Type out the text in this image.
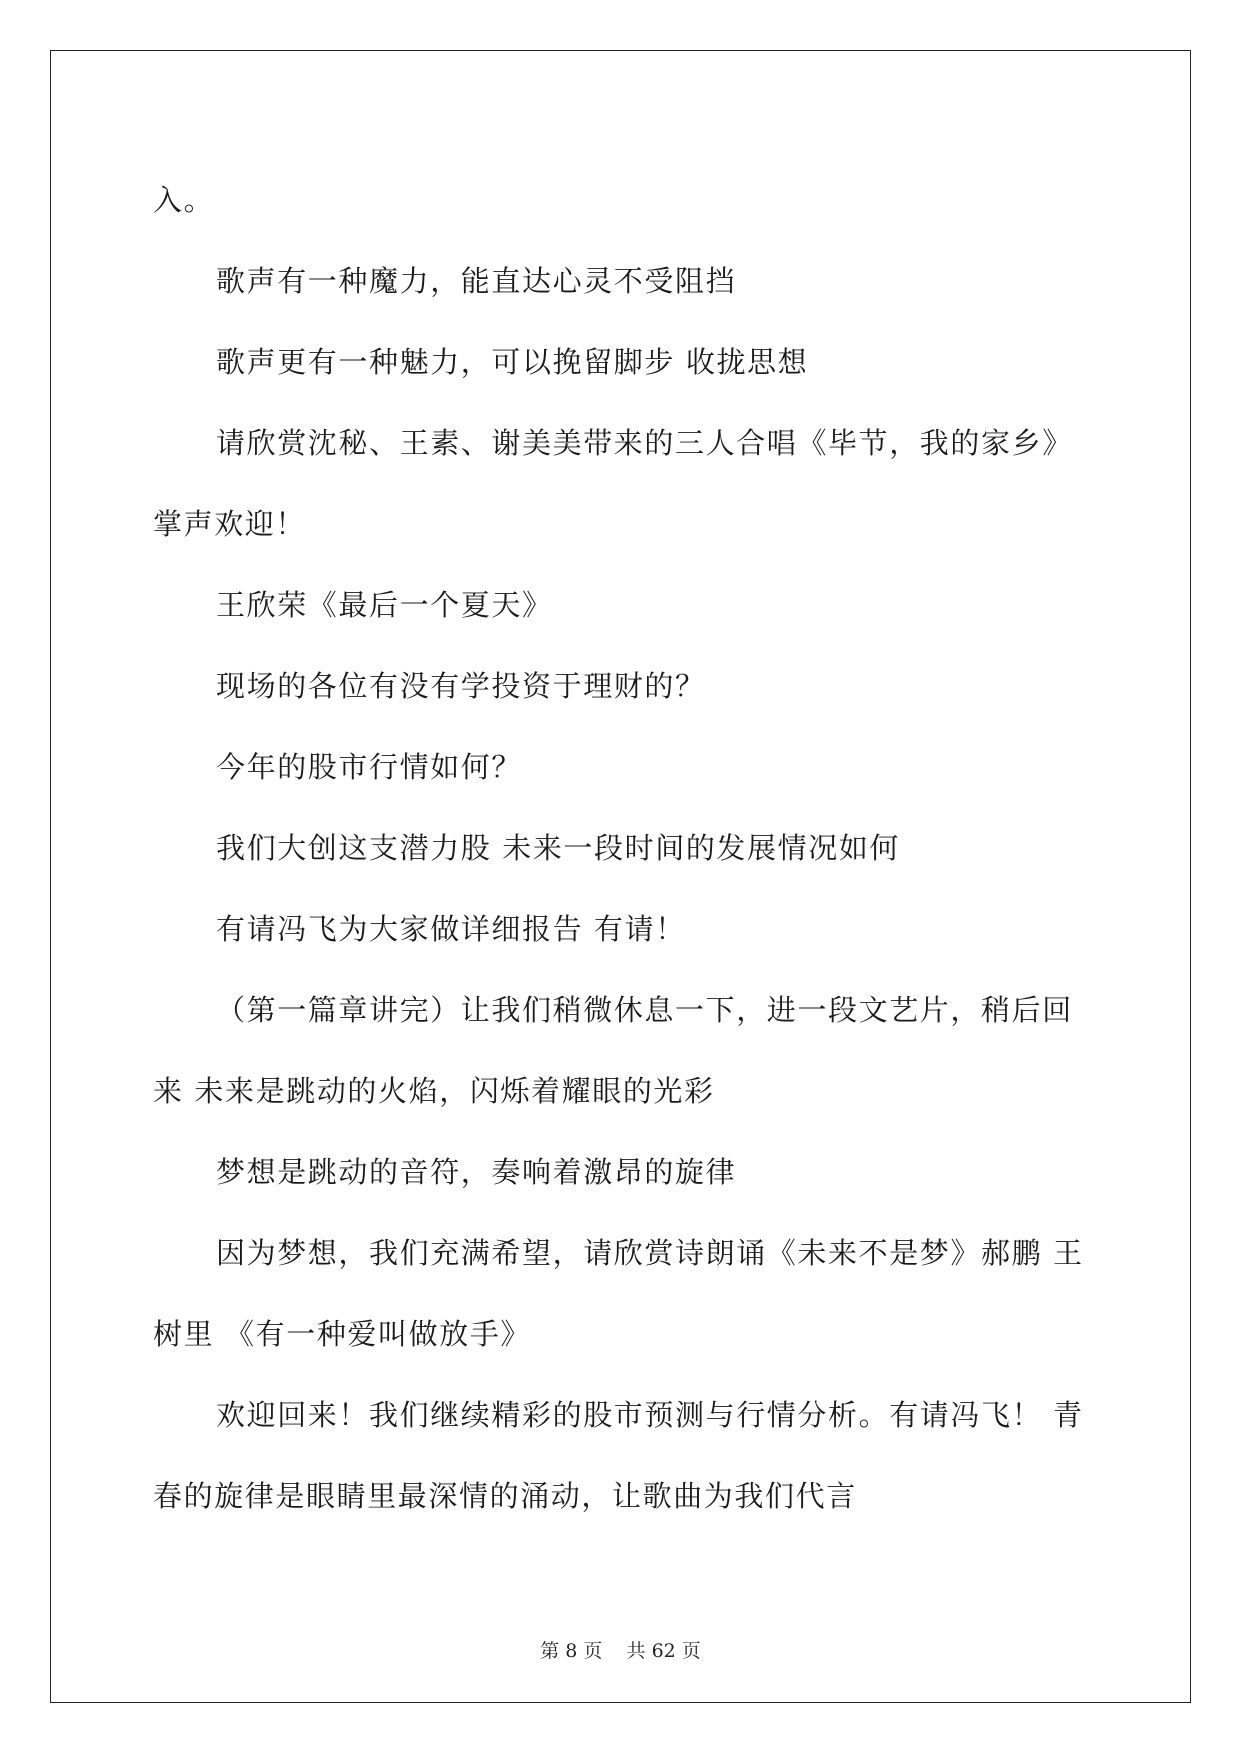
入。

歌声有一种魔力，能直达心灵不受阻挡

歌声更有一种魅力，可以挽留脚步 收拢思想

请欣赏沈秘、王素、谢美美带来的三人合唱《毕节，我的家乡》掌声欢迎！

王欣荣《最后一个夏天》

现场的各位有没有学投资于理财的？

今年的股市行情如何？

我们大创这支潜力股 未来一段时间的发展情况如何

有请冯飞为大家做详细报告 有请！

（第一篇章讲完）让我们稍微休息一下，进一段文艺片，稍后回来 未来是跳动的火焰，闪烁着耀眼的光彩

梦想是跳动的音符，奏响着激昂的旋律

因为梦想，我们充满希望，请欣赏诗朗诵《未来不是梦》郝鹏 王树里 《有一种爱叫做放手》

欢迎回来！我们继续精彩的股市预测与行情分析。有请冯飞！ 青春的旋律是眼睛里最深情的涌动，让歌曲为我们代言

第 8 页    共 62 页
